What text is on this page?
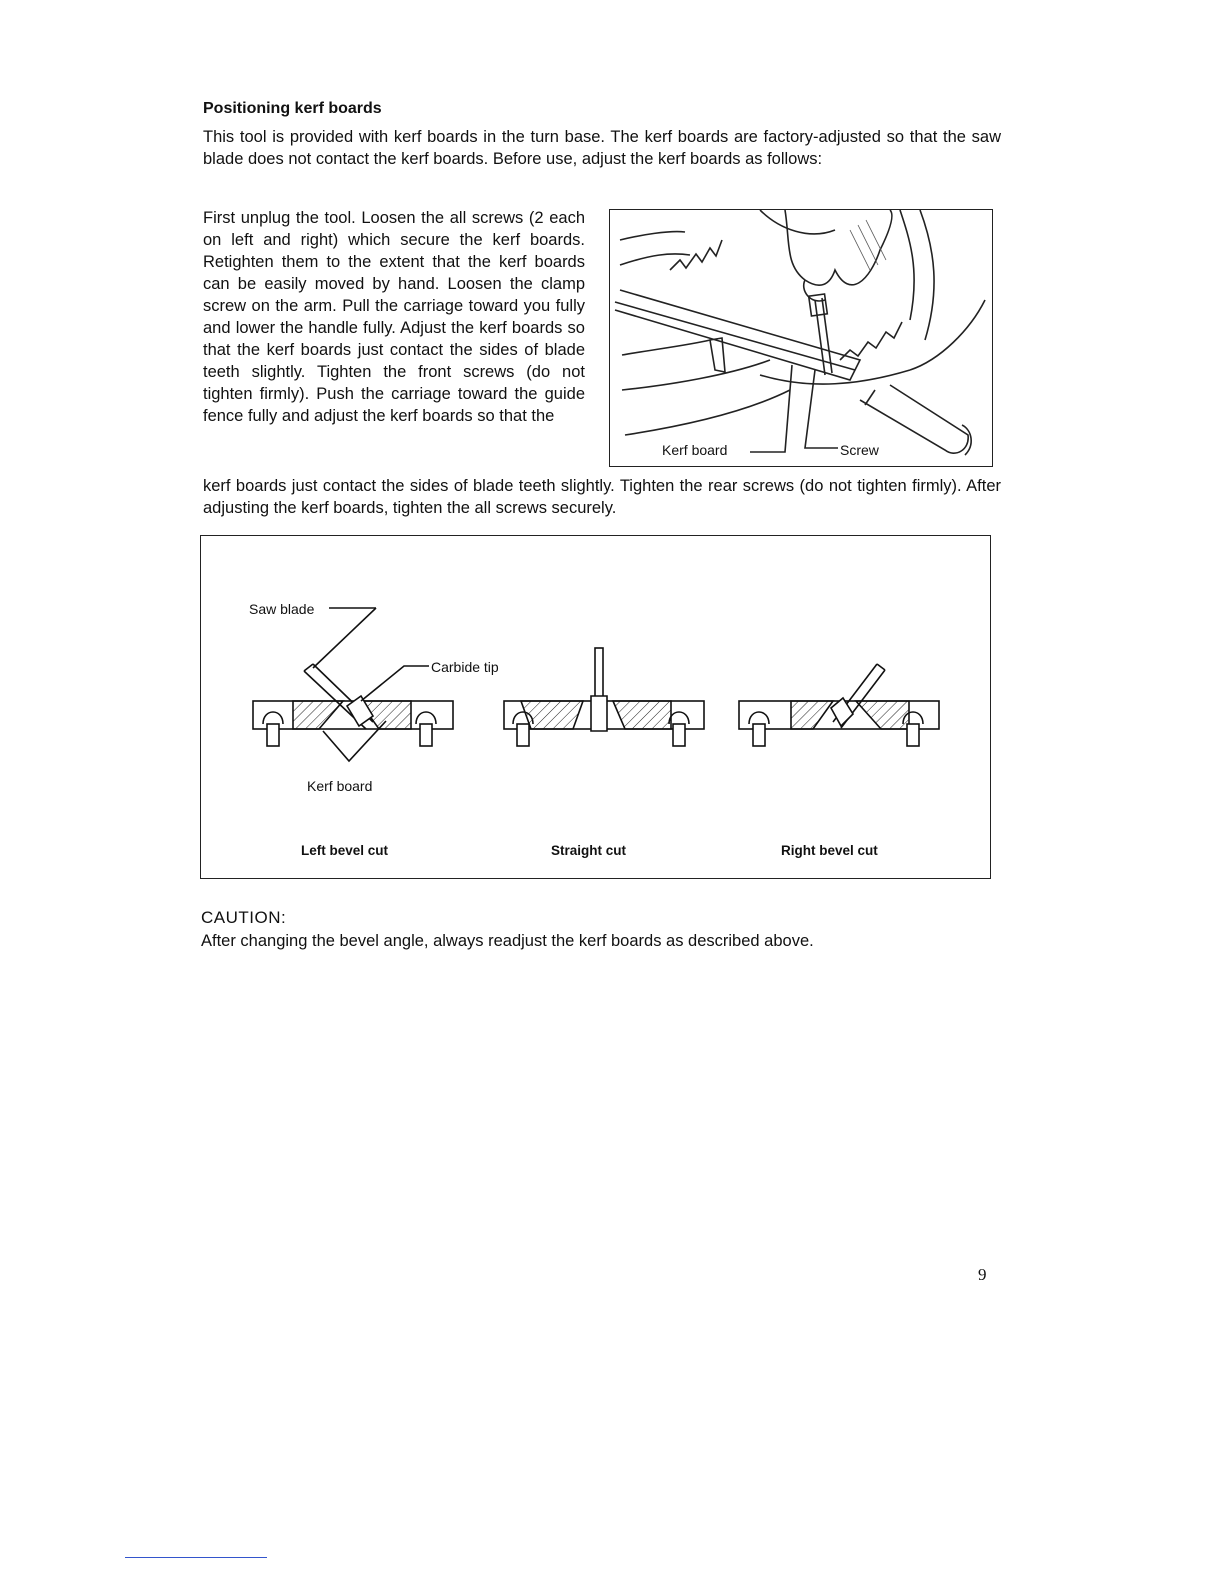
Positioning kerf boards
This tool is provided with kerf boards in the turn base. The kerf boards are factory-adjusted so that the saw blade does not contact the kerf boards. Before use, adjust the kerf boards as follows:
First unplug the tool. Loosen the all screws (2 each on left and right) which secure the kerf boards. Retighten them to the extent that the kerf boards can be easily moved by hand. Loosen the clamp screw on the arm. Pull the carriage toward you fully and lower the handle fully. Adjust the kerf boards so that the kerf boards just contact the sides of blade teeth slightly. Tighten the front screws (do not tighten firmly). Push the carriage toward the guide fence fully and adjust the kerf boards so that the
Kerf board	Screw
kerf boards just contact the sides of blade teeth slightly. Tighten the rear screws (do not tighten firmly). After adjusting the kerf boards, tighten the all screws securely.
Saw blade
Carbide tip
Kerf board
Left bevel cut	Straight cut	Right bevel cut
CAUTION:
After changing the bevel angle, always readjust the kerf boards as described above.
9
